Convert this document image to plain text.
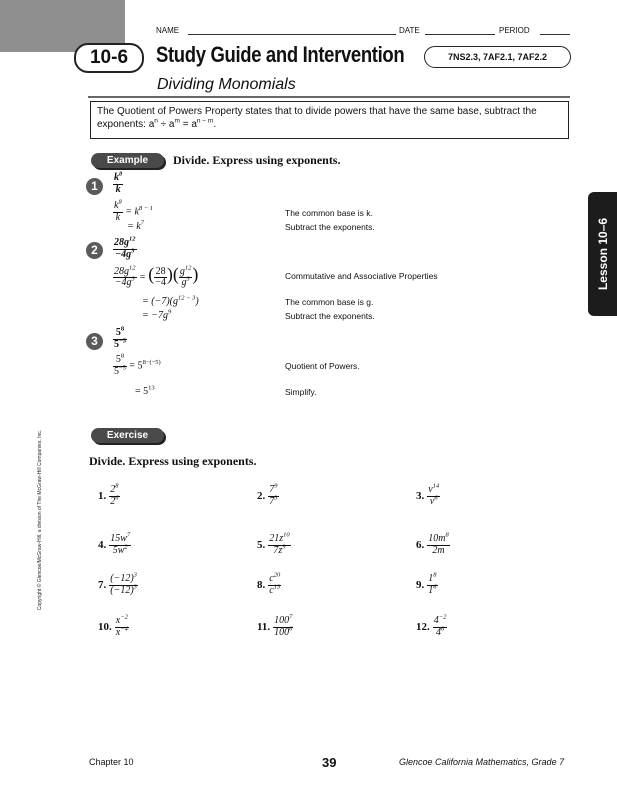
NAME	DATE	PERIOD
10-6	Study Guide and Intervention	7NS2.3, 7AF2.1, 7AF2.2
Dividing Monomials
The Quotient of Powers Property states that to divide powers that have the same base, subtract the exponents: $a^n \div a^m = a^{n - m}$.
Example	Divide. Express using exponents.
1	$\frac{k^8}{k}$
$\frac{k^8}{k} = k^{8 - 1}$	The common base is k.
= $k^7$	Subtract the exponents.
2	$\frac{28g^{12}}{-4g^3}$
$\frac{28g^{12}}{-4g^3}$ = ( $\frac{28}{-4}$ )( $\frac{g^{12}}{g^3}$ )	Commutative and Associative Properties
= $(-7)(g^{12 - 3})$	The common base is g.
= $-7g^9$	Subtract the exponents.
3	$\frac{5^8}{5^{-5}}$
$\frac{5^8}{5^{-5}} = 5^{8-(-5)}$	Quotient of Powers.
= $5^{13}$	Simplify.
Exercise
Divide. Express using exponents.
1. $\frac{2^8}{2^6}$	2. $\frac{7^9}{7^3}$	3. $\frac{v^{14}}{v^6}$
4. $\frac{15w^7}{5w^2}$	5. $\frac{21z^{10}}{7z^9}$	6. $\frac{10m^8}{2m}$
7. $\frac{(-12)^3}{(-12)^3}$	8. $\frac{c^{20}}{c^{13}}$	9. $\frac{1^8}{1^6}$
10. $\frac{x^{-2}}{x^{-4}}$	11. $\frac{100^7}{100^6}$	12. $\frac{4^{-2}}{4^6}$
Lesson 10–6
Copyright © Glencoe/McGraw-Hill, a division of The McGraw-Hill Companies, Inc.
Chapter 10	39	Glencoe California Mathematics, Grade 7
